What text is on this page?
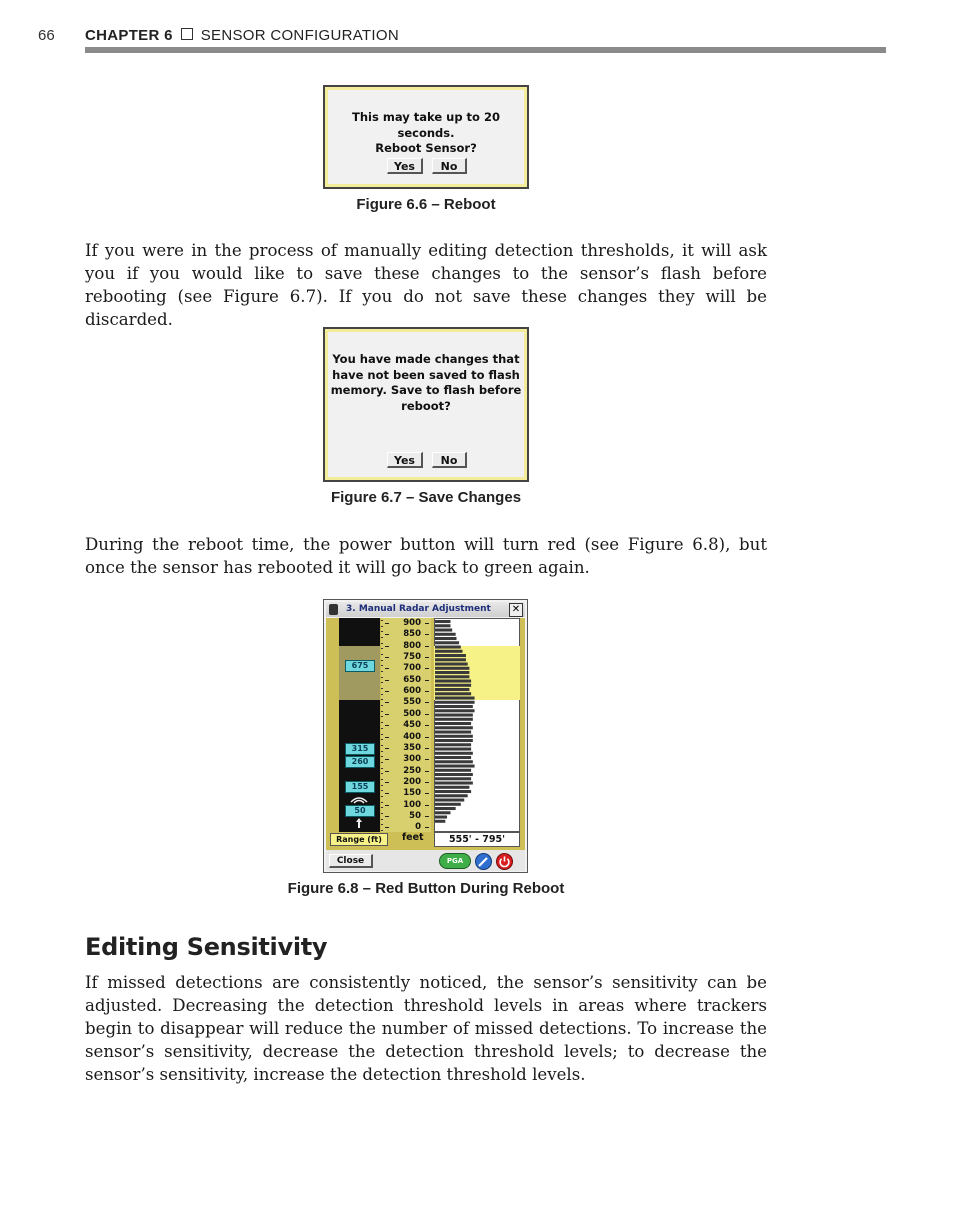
66 CHAPTER 6 SENSOR CONFIGURATION
This may take up to 20 seconds.
Reboot Sensor?
Yes	No
Figure 6.6 – Reboot
If you were in the process of manually editing detection thresholds, it will ask you if you would like to save these changes to the sensor’s flash before rebooting (see Figure 6.7). If you do not save these changes they will be discarded.
You have made changes that
have not been saved to flash
memory. Save to flash before
reboot?
Yes	No
Figure 6.7 – Save Changes
During the reboot time, the power button will turn red (see Figure 6.8), but once the sensor has rebooted it will go back to green again.
3. Manual Radar Adjustment ✕
900
850
800
750
700
650
600
550
500
450
400
350
300
250
200
150
100
50
0
675
315
260
155
50
Range (ft)	feet	555' - 795'
Close	PGA
Figure 6.8 – Red Button During Reboot
Editing Sensitivity
If missed detections are consistently noticed, the sensor’s sensitivity can be adjusted. Decreasing the detection threshold levels in areas where trackers begin to disappear will reduce the number of missed detections. To increase the sensor’s sensitivity, decrease the detection threshold levels; to decrease the sensor’s sensitivity, increase the detection threshold levels.
